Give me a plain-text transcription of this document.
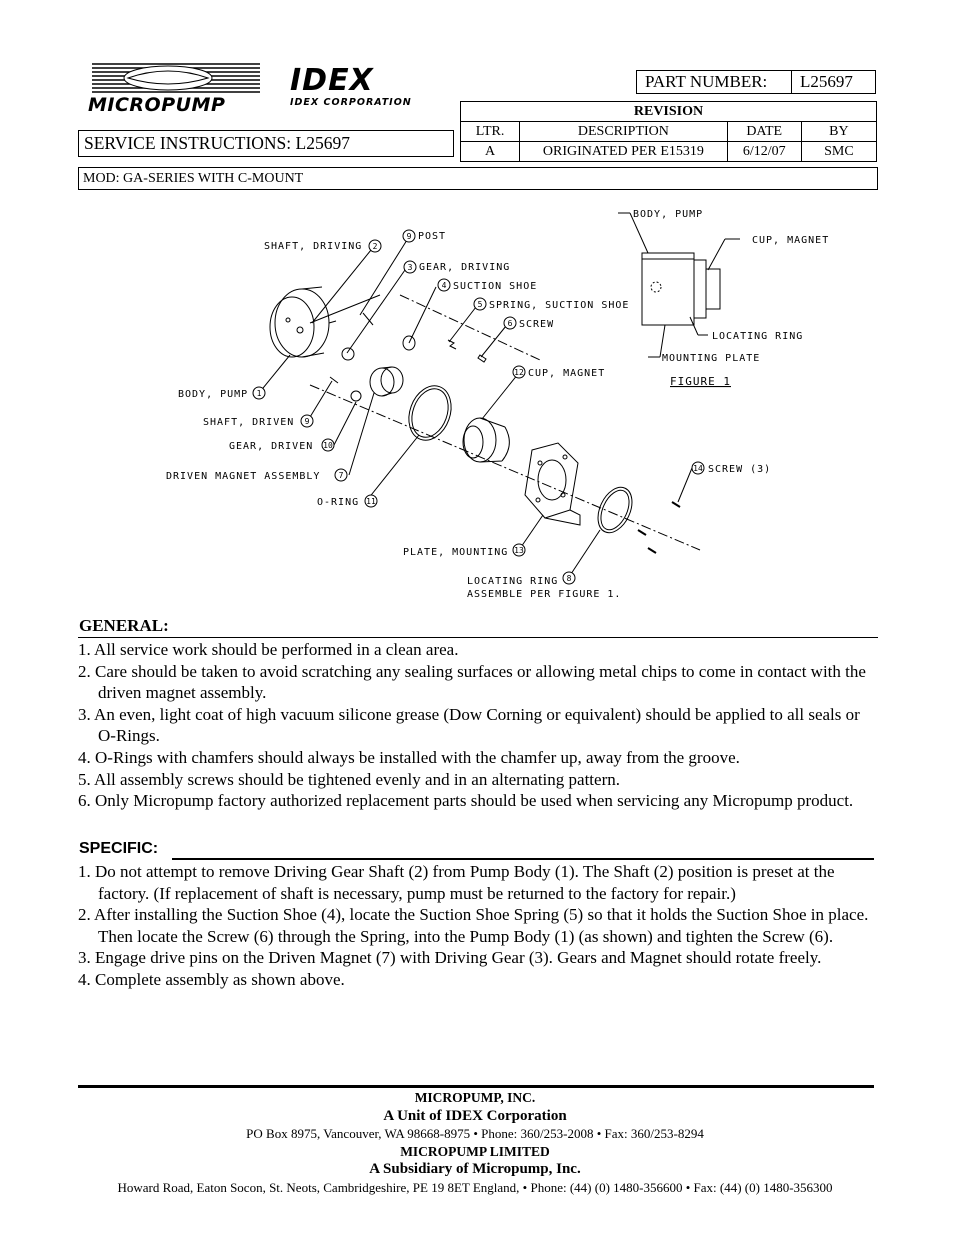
MICROPUMP
IDEX
IDEX CORPORATION
PART NUMBER: L25697
REVISION			
LTR.	DESCRIPTION	DATE	BY
A	ORIGINATED PER E15319	6/12/07	SMC
SERVICE INSTRUCTIONS: L25697
MOD: GA-SERIES WITH C-MOUNT
2
9
3
4
5
6
12
1
9
10
7
11
14
13
8
SHAFT, DRIVING
POST
GEAR, DRIVING
SUCTION SHOE
SPRING, SUCTION SHOE
SCREW
CUP, MAGNET
BODY, PUMP
SHAFT, DRIVEN
GEAR, DRIVEN
DRIVEN MAGNET ASSEMBLY
O-RING
SCREW (3)
PLATE, MOUNTING
LOCATING RING
ASSEMBLE PER FIGURE 1.
BODY, PUMP
CUP, MAGNET
LOCATING RING
MOUNTING PLATE
FIGURE 1
GENERAL:
1. All service work should be performed in a clean area.
2. Care should be taken to avoid scratching any sealing surfaces or allowing metal chips to come in contact with the driven magnet assembly.
3. An even, light coat of high vacuum silicone grease (Dow Corning or equivalent) should be applied to all seals or O-Rings.
4. O-Rings with chamfers should always be installed with the chamfer up, away from the groove.
5. All assembly screws should be tightened evenly and in an alternating pattern.
6. Only Micropump factory authorized replacement parts should be used when servicing any Micropump product.
SPECIFIC:
1. Do not attempt to remove Driving Gear Shaft (2) from Pump Body (1). The Shaft (2) position is preset at the factory. (If replacement of shaft is necessary, pump must be returned to the factory for repair.)
2. After installing the Suction Shoe (4), locate the Suction Shoe Spring (5) so that it holds the Suction Shoe in place. Then locate the Screw (6) through the Spring, into the Pump Body (1) (as shown) and tighten the Screw (6).
3. Engage drive pins on the Driven Magnet (7) with Driving Gear (3). Gears and Magnet should rotate freely.
4. Complete assembly as shown above.
MICROPUMP, INC.
A Unit of IDEX Corporation
PO Box 8975, Vancouver, WA 98668-8975 • Phone: 360/253-2008 • Fax: 360/253-8294
MICROPUMP LIMITED
A Subsidiary of Micropump, Inc.
Howard Road, Eaton Socon, St. Neots, Cambridgeshire, PE 19 8ET England, • Phone: (44) (0) 1480-356600 • Fax: (44) (0) 1480-356300
